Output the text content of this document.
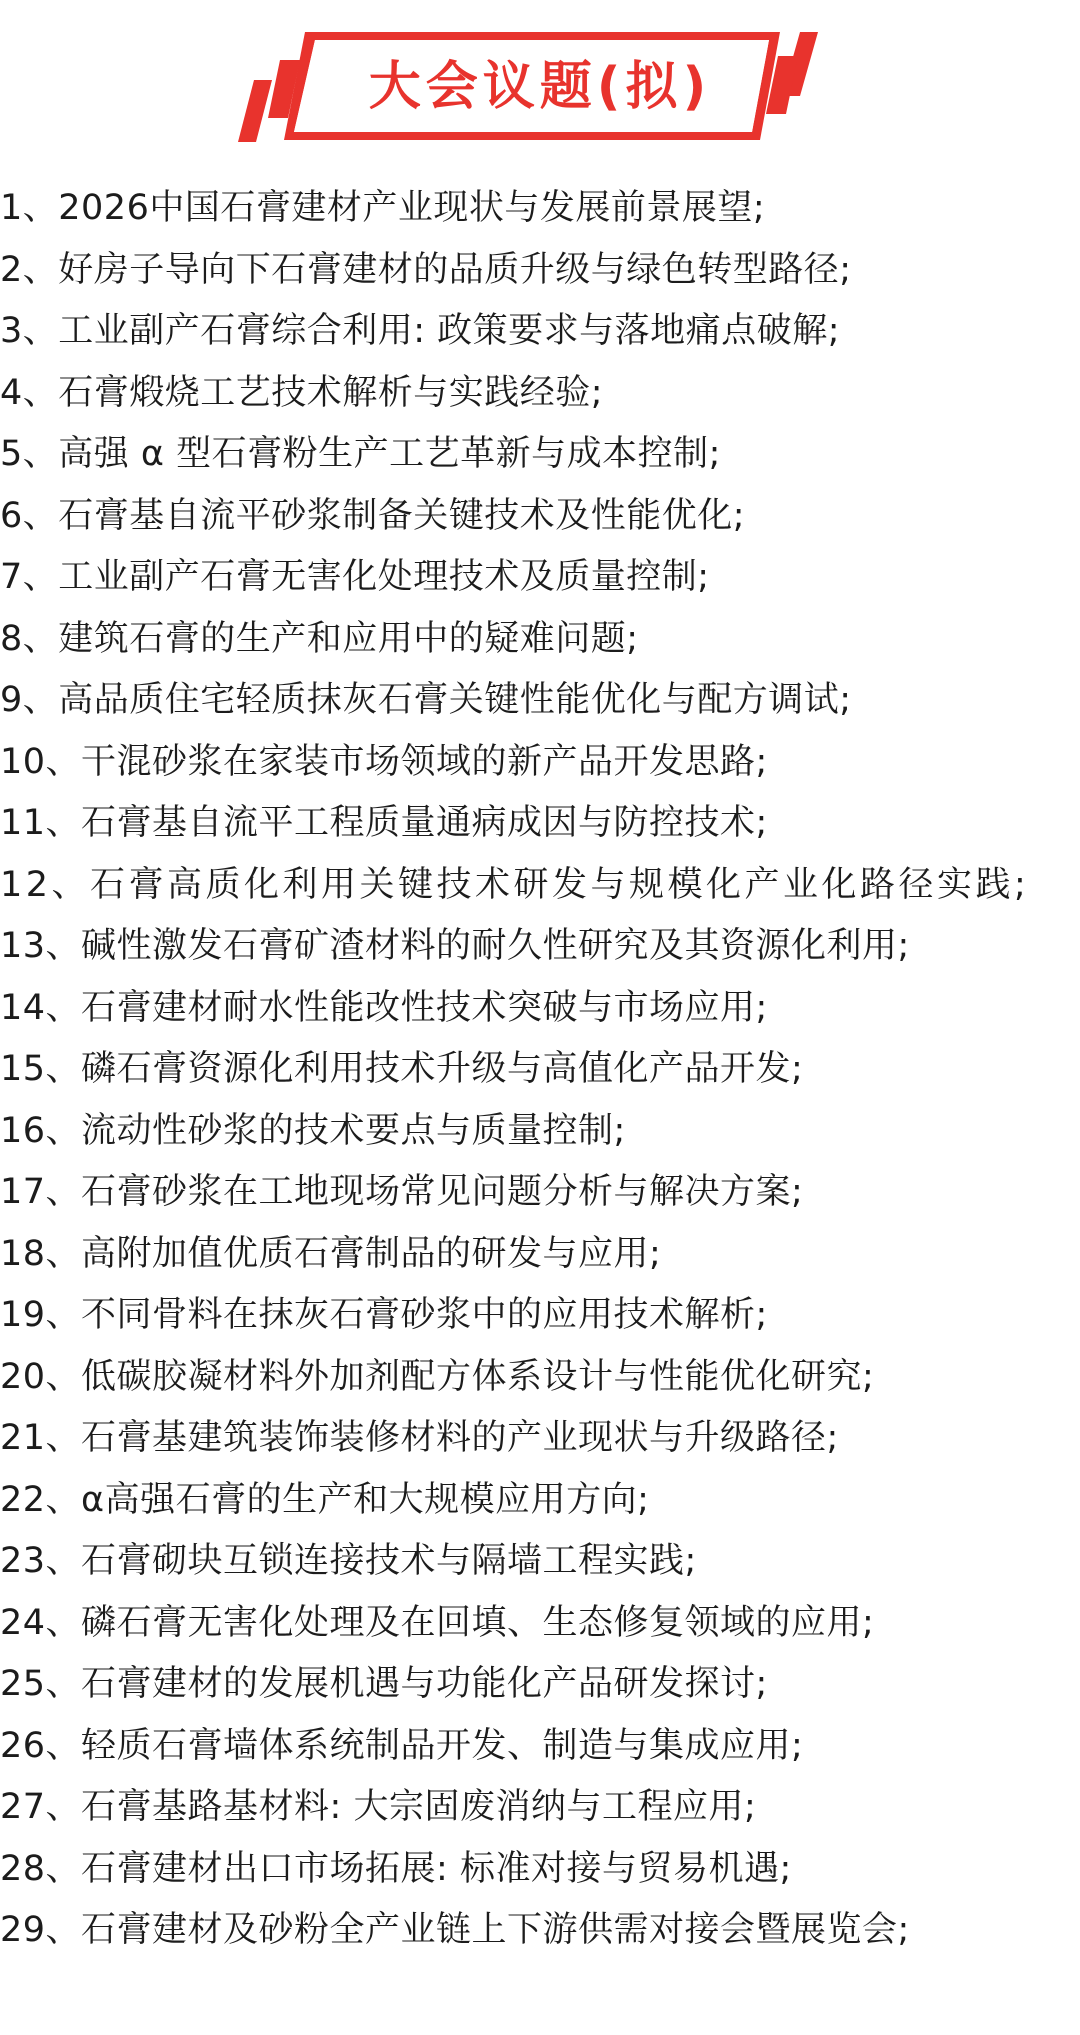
大会议题(拟)
1、2026中国石膏建材产业现状与发展前景展望;
2、好房子导向下石膏建材的品质升级与绿色转型路径;
3、工业副产石膏综合利用: 政策要求与落地痛点破解;
4、石膏煅烧工艺技术解析与实践经验;
5、高强 α 型石膏粉生产工艺革新与成本控制;
6、石膏基自流平砂浆制备关键技术及性能优化;
7、工业副产石膏无害化处理技术及质量控制;
8、建筑石膏的生产和应用中的疑难问题;
9、高品质住宅轻质抹灰石膏关键性能优化与配方调试;
10、干混砂浆在家装市场领域的新产品开发思路;
11、石膏基自流平工程质量通病成因与防控技术;
12、石膏高质化利用关键技术研发与规模化产业化路径实践;
13、碱性激发石膏矿渣材料的耐久性研究及其资源化利用;
14、石膏建材耐水性能改性技术突破与市场应用;
15、磷石膏资源化利用技术升级与高值化产品开发;
16、流动性砂浆的技术要点与质量控制;
17、石膏砂浆在工地现场常见问题分析与解决方案;
18、高附加值优质石膏制品的研发与应用;
19、不同骨料在抹灰石膏砂浆中的应用技术解析;
20、低碳胶凝材料外加剂配方体系设计与性能优化研究;
21、石膏基建筑装饰装修材料的产业现状与升级路径;
22、α高强石膏的生产和大规模应用方向;
23、石膏砌块互锁连接技术与隔墙工程实践;
24、磷石膏无害化处理及在回填、生态修复领域的应用;
25、石膏建材的发展机遇与功能化产品研发探讨;
26、轻质石膏墙体系统制品开发、制造与集成应用;
27、石膏基路基材料: 大宗固废消纳与工程应用;
28、石膏建材出口市场拓展: 标准对接与贸易机遇;
29、石膏建材及砂粉全产业链上下游供需对接会暨展览会;
